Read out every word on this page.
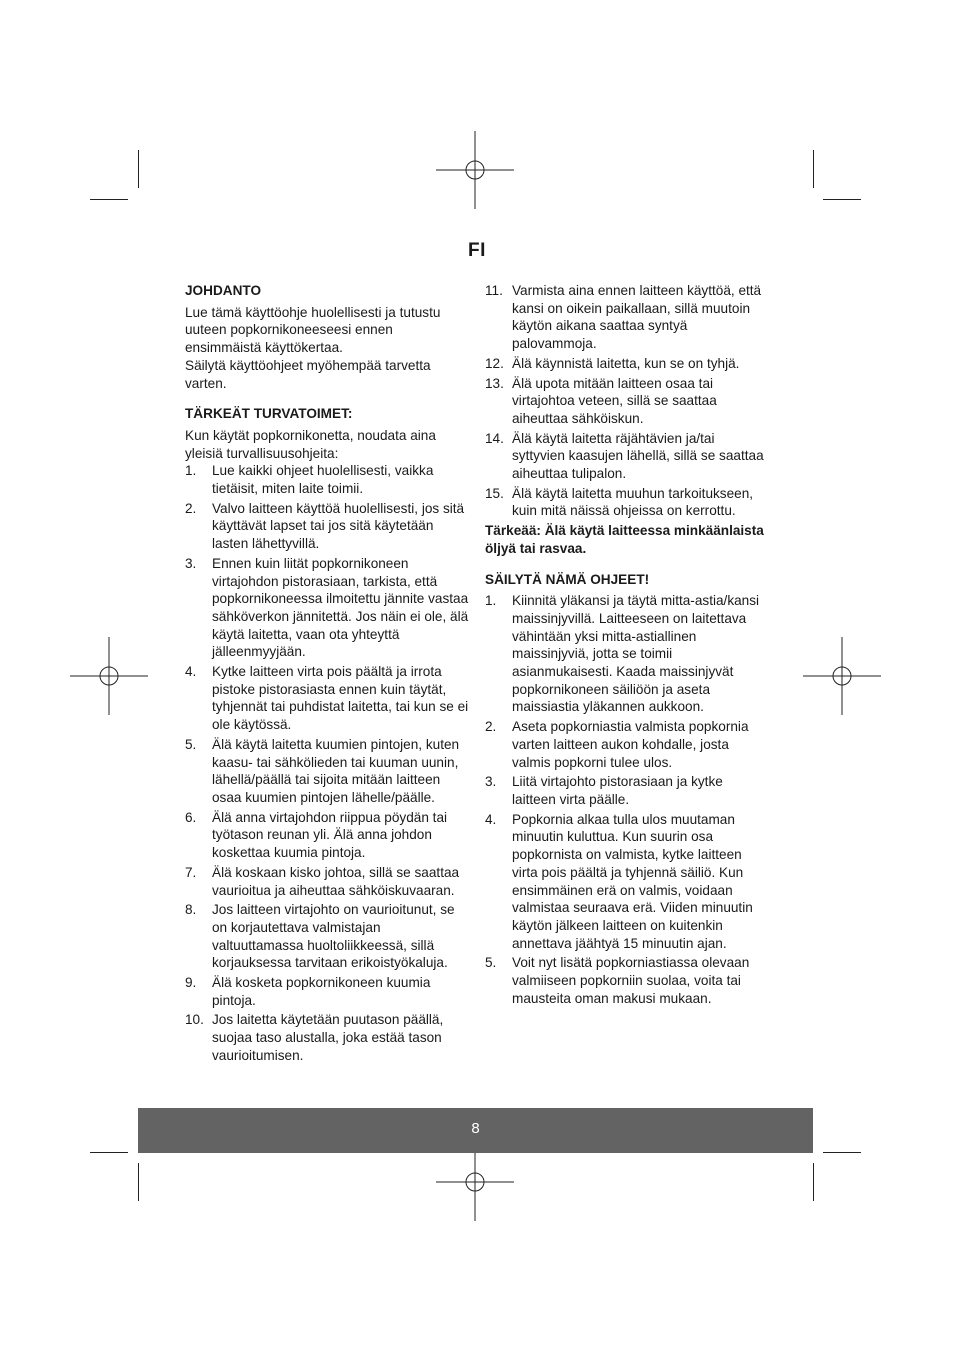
FI

JOHDANTO

Lue tämä käyttöohje huolellisesti ja tutustu uuteen popkornikoneeseesi ennen ensimmäistä käyttökertaa.

Säilytä käyttöohjeet myöhempää tarvetta varten.

TÄRKEÄT TURVATOIMET:

Kun käytät popkornikonetta, noudata aina yleisiä turvallisuusohjeita:

1. Lue kaikki ohjeet huolellisesti, vaikka tietäisit, miten laite toimii.
2. Valvo laitteen käyttöä huolellisesti, jos sitä käyttävät lapset tai jos sitä käytetään lasten lähettyvillä.
3. Ennen kuin liität popkornikoneen virtajohdon pistorasiaan, tarkista, että popkornikoneessa ilmoitettu jännite vastaa sähköverkon jännitettä. Jos näin ei ole, älä käytä laitetta, vaan ota yhteyttä jälleenmyyjään.
4. Kytke laitteen virta pois päältä ja irrota pistoke pistorasiasta ennen kuin täytät, tyhjennät tai puhdistat laitetta, tai kun se ei ole käytössä.
5. Älä käytä laitetta kuumien pintojen, kuten kaasu- tai sähkölieden tai kuuman uunin, lähellä/päällä tai sijoita mitään laitteen osaa kuumien pintojen lähelle/päälle.
6. Älä anna virtajohdon riippua pöydän tai työtason reunan yli. Älä anna johdon koskettaa kuumia pintoja.
7. Älä koskaan kisko johtoa, sillä se saattaa vaurioitua ja aiheuttaa sähköiskuvaaran.
8. Jos laitteen virtajohto on vaurioitunut, se on korjautettava valmistajan valtuuttamassa huoltoliikkeessä, sillä korjauksessa tarvitaan erikoistyökaluja.
9. Älä kosketa popkornikoneen kuumia pintoja.
10. Jos laitetta käytetään puutason päällä, suojaa taso alustalla, joka estää tason vaurioitumisen.
11. Varmista aina ennen laitteen käyttöä, että kansi on oikein paikallaan, sillä muutoin käytön aikana saattaa syntyä palovammoja.
12. Älä käynnistä laitetta, kun se on tyhjä.
13. Älä upota mitään laitteen osaa tai virtajohtoa veteen, sillä se saattaa aiheuttaa sähköiskun.
14. Älä käytä laitetta räjähtävien ja/tai syttyvien kaasujen lähellä, sillä se saattaa aiheuttaa tulipalon.
15. Älä käytä laitetta muuhun tarkoitukseen, kuin mitä näissä ohjeissa on kerrottu.

Tärkeää: Älä käytä laitteessa minkäänlaista öljyä tai rasvaa.

SÄILYTÄ NÄMÄ OHJEET!

1. Kiinnitä yläkansi ja täytä mitta-astia/kansi maissinjyvillä. Laitteeseen on laitettava vähintään yksi mitta-astiallinen maissinjyviä, jotta se toimii asianmukaisesti. Kaada maissinjyvät popkornikoneen säiliöön ja aseta maissiastia yläkannen aukkoon.
2. Aseta popkorniastia valmista popkornia varten laitteen aukon kohdalle, josta valmis popkorni tulee ulos.
3. Liitä virtajohto pistorasiaan ja kytke laitteen virta päälle.
4. Popkornia alkaa tulla ulos muutaman minuutin kuluttua. Kun suurin osa popkornista on valmista, kytke laitteen virta pois päältä ja tyhjennä säiliö. Kun ensimmäinen erä on valmis, voidaan valmistaa seuraava erä. Viiden minuutin käytön jälkeen laitteen on kuitenkin annettava jäähtyä 15 minuutin ajan.
5. Voit nyt lisätä popkorniastiassa olevaan valmiiseen popkorniin suolaa, voita tai mausteita oman makusi mukaan.
8
